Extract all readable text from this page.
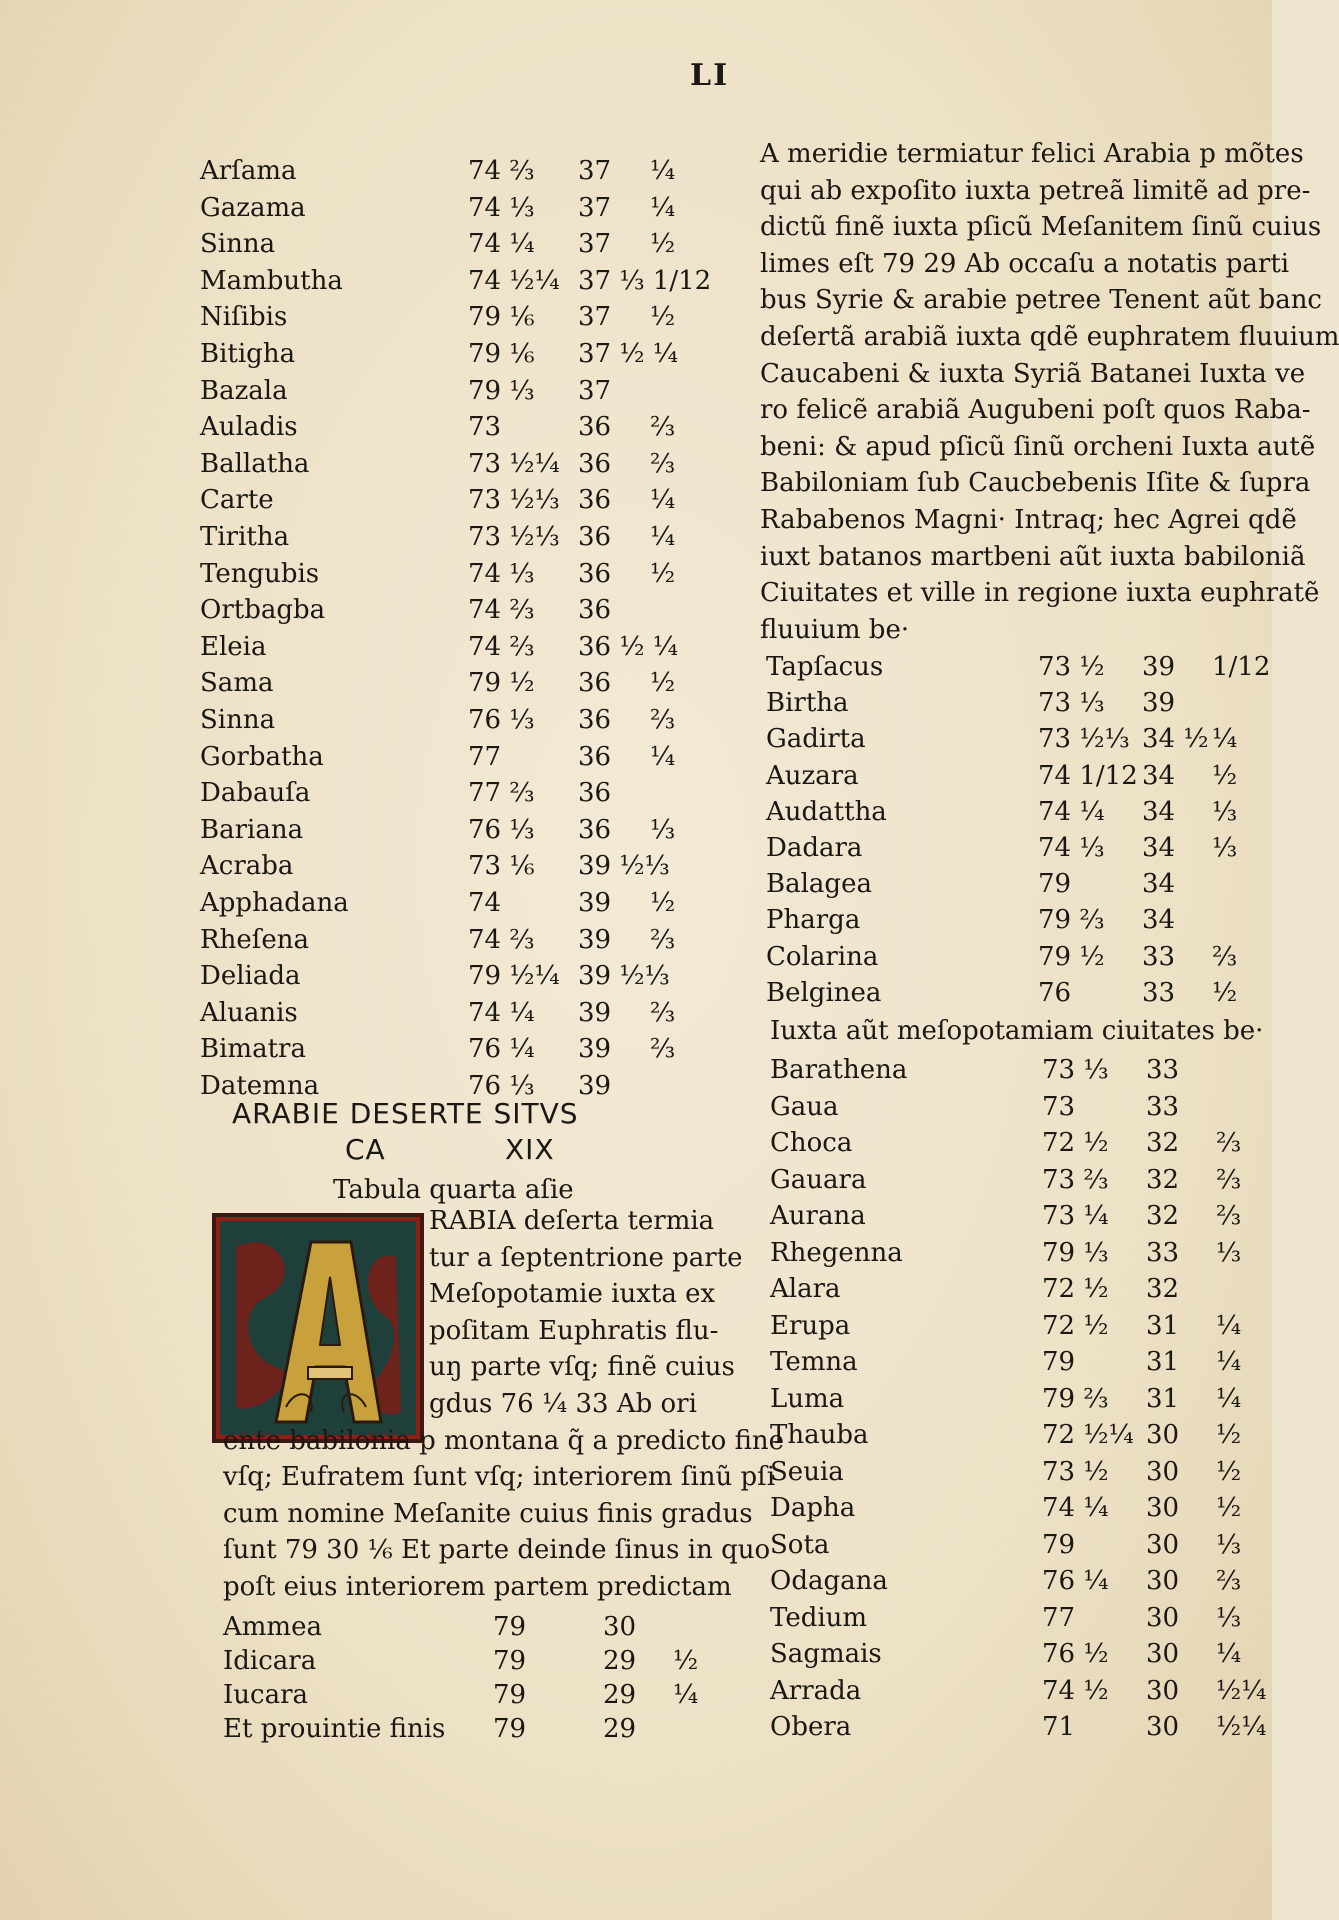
LI
Arſama	74 ⅔ 37 ¼
Gazama	74 ⅓ 37 ¼
Sinna	74 ¼ 37 ½
Mambutha	74 ½¼ 37 ⅓ 1/12
Niſibis	79 ⅙ 37 ½
Bitigha	79 ⅙ 37 ½ ¼
Bazala	79 ⅓ 37
Auladis	73	36 ⅔
Ballatha	73 ½¼ 36 ⅔
Carte	73 ½⅓ 36 ¼
Tiritha	73 ½⅓ 36 ¼
Tengubis	74 ⅓ 36 ½
Ortbagba	74 ⅔ 36
Eleia	74 ⅔ 36 ½ ¼
Sama	79 ½ 36 ½
Sinna	76 ⅓ 36 ⅔
Gorbatha	77	36 ¼
Dabauſa	77 ⅔ 36
Bariana	76 ⅓ 36 ⅓
Acraba	73 ⅙ 39 ½⅓
Apphadana	74	39 ½
Rheſena	74 ⅔ 39 ⅔
Deliada	79 ½¼ 39 ½⅓
Aluanis	74 ¼ 39 ⅔
Bimatra	76 ¼ 39 ⅔
Datemna	76 ⅓ 39
ARABIE DESERTE SITVS
CA	XIX
Tabula quarta aſie
RABIA deſerta termia
tur a ſeptentrione parte
Meſopotamie iuxta ex
poſitam Euphratis flu-
uŋ parte vſq; finẽ cuius
gdus 76 ¼ 33 Ab ori
ente babilonia p montana q̃ a predicto fine
vſq; Eufratem ſunt vſq; interiorem ſinũ pſi
cum nomine Meſanite cuius finis gradus
ſunt 79 30 ⅙ Et parte deinde ſinus in quo
poſt eius interiorem partem predictam
Ammea	79	30
Idicara	79	29 ½
Iucara	79	29 ¼
Et prouintie finis 79	29
A meridie termiatur felici Arabia p mõtes
qui ab expoſito iuxta petreã limitẽ ad pre-
dictũ finẽ iuxta pſicũ Meſanitem ſinũ cuius
limes eſt 79 29 Ab occaſu a notatis parti
bus Syrie & arabie petree Tenent aũt banc
deſertã arabiã iuxta qdẽ euphratem fluuium
Caucabeni & iuxta Syriã Batanei Iuxta ve
ro felicẽ arabiã Augubeni poſt quos Raba-
beni: & apud pſicũ ſinũ orcheni Iuxta autẽ
Babiloniam ſub Caucbebenis Iſite & ſupra
Rababenos Magni· Intraq; hec Agrei qdẽ
iuxt batanos martbeni aũt iuxta babiloniã
Ciuitates et ville in regione iuxta euphratẽ
fluuium be·
Tapſacus	73 ½ 39 1/12
Birtha	73 ⅓ 39
Gadirta	73 ½⅓ 34 ½ ¼
Auzara	74 1/12 34 ½
Audattha	74 ¼ 34 ⅓
Dadara	74 ⅓ 34 ⅓
Balagea	79	34
Pharga	79 ⅔ 34
Colarina	79 ½ 33 ⅔
Belginea	76	33 ½
Iuxta aũt meſopotamiam ciuitates be·
Barathena	73 ⅓ 33
Gaua	73	33
Choca	72 ½ 32 ⅔
Gauara	73 ⅔ 32 ⅔
Aurana	73 ¼ 32 ⅔
Rhegenna	79 ⅓ 33 ⅓
Alara	72 ½ 32
Erupa	72 ½ 31 ¼
Temna	79	31 ¼
Luma	79 ⅔ 31 ¼
Thauba	72 ½¼ 30 ½
Seuia	73 ½ 30 ½
Dapha	74 ¼ 30 ½
Sota	79	30 ⅓
Odagana	76 ¼ 30 ⅔
Tedium	77	30 ⅓
Sagmais	76 ½ 30 ¼
Arrada	74 ½ 30 ½¼
Obera	71	30 ½¼
